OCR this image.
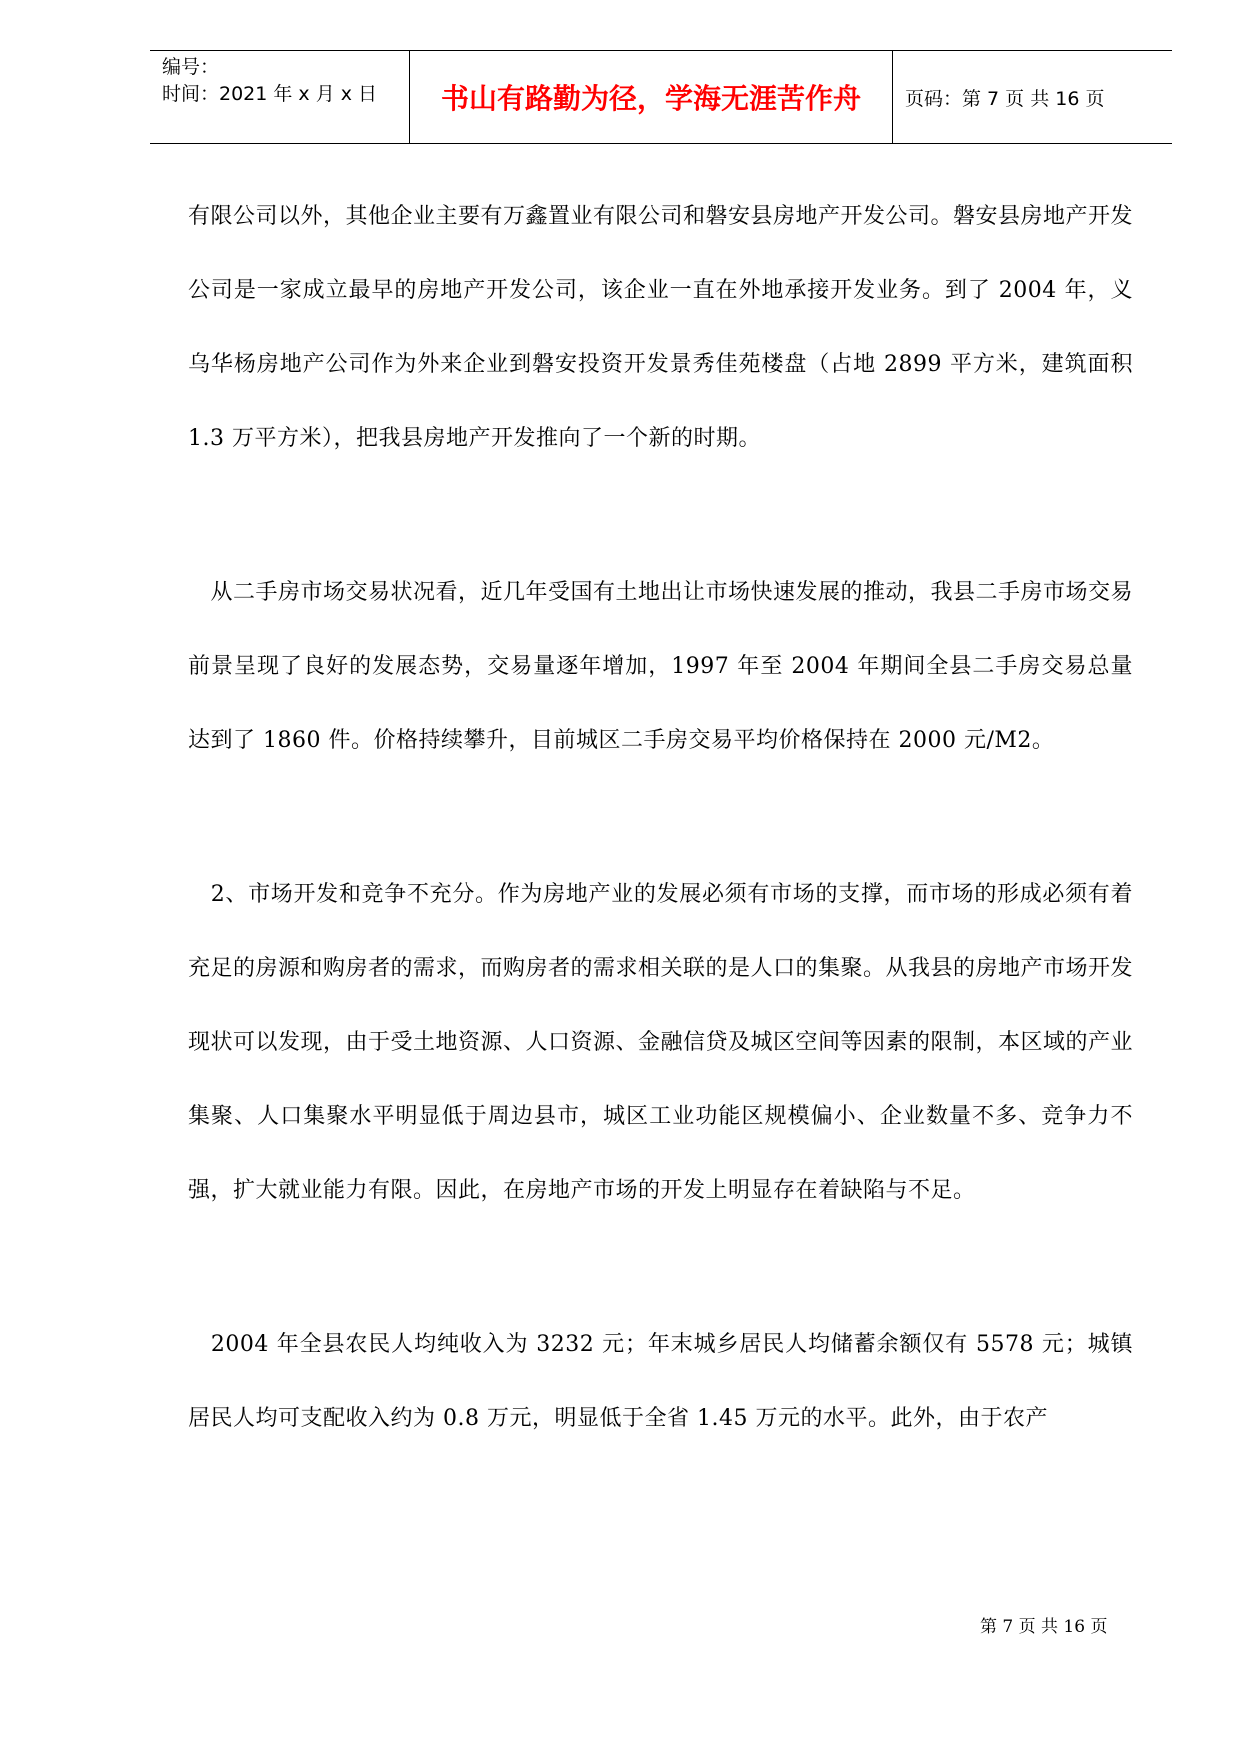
编号：
时间：2021 年 x 月 x 日 书山有路勤为径，学海无涯苦作舟 页码：第 7 页 共 16 页

有限公司以外，其他企业主要有万鑫置业有限公司和磐安县房地产开发公司。磐安县房地产开发公司是一家成立最早的房地产开发公司，该企业一直在外地承接开发业务。到了 2004 年，义乌华杨房地产公司作为外来企业到磐安投资开发景秀佳苑楼盘（占地 2899 平方米，建筑面积 1.3 万平方米），把我县房地产开发推向了一个新的时期。

　从二手房市场交易状况看，近几年受国有土地出让市场快速发展的推动，我县二手房市场交易前景呈现了良好的发展态势，交易量逐年增加，1997 年至 2004 年期间全县二手房交易总量达到了 1860 件。价格持续攀升，目前城区二手房交易平均价格保持在 2000 元/M2。

　2、市场开发和竞争不充分。作为房地产业的发展必须有市场的支撑，而市场的形成必须有着充足的房源和购房者的需求，而购房者的需求相关联的是人口的集聚。从我县的房地产市场开发现状可以发现，由于受土地资源、人口资源、金融信贷及城区空间等因素的限制，本区域的产业集聚、人口集聚水平明显低于周边县市，城区工业功能区规模偏小、企业数量不多、竞争力不强，扩大就业能力有限。因此，在房地产市场的开发上明显存在着缺陷与不足。

　2004 年全县农民人均纯收入为 3232 元；年末城乡居民人均储蓄余额仅有 5578 元；城镇居民人均可支配收入约为 0.8 万元，明显低于全省 1.45 万元的水平。此外，由于农产

第 7 页 共 16 页
